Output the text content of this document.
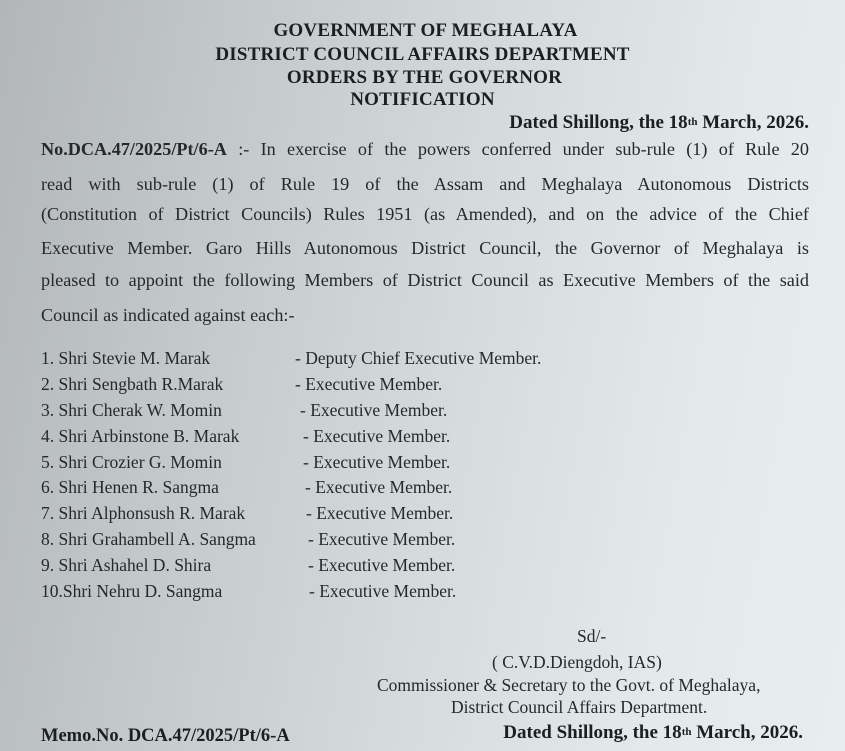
GOVERNMENT OF MEGHALAYA
DISTRICT COUNCIL AFFAIRS DEPARTMENT
ORDERS BY THE GOVERNOR
NOTIFICATION
Dated Shillong, the 18th March, 2026.
No.DCA.47/2025/Pt/6-A :- In exercise of the powers conferred under sub-rule (1) of Rule 20
read with sub-rule (1) of Rule 19 of the Assam and Meghalaya Autonomous Districts
(Constitution of District Councils) Rules 1951 (as Amended), and on the advice of the Chief
Executive Member. Garo Hills Autonomous District Council, the Governor of Meghalaya is
pleased to appoint the following Members of District Council as Executive Members of the said
Council as indicated against each:-
1. Shri Stevie M. Marak	- Deputy Chief Executive Member.
2. Shri Sengbath R.Marak	- Executive Member.
3. Shri Cherak W. Momin	- Executive Member.
4. Shri Arbinstone B. Marak	- Executive Member.
5. Shri Crozier G. Momin	- Executive Member.
6. Shri Henen R. Sangma	- Executive Member.
7. Shri Alphonsush R. Marak	- Executive Member.
8. Shri Grahambell A. Sangma	- Executive Member.
9. Shri Ashahel D. Shira	- Executive Member.
10.Shri Nehru D. Sangma	- Executive Member.
Sd/-
( C.V.D.Diengdoh, IAS)
Commissioner & Secretary to the Govt. of Meghalaya,
District Council Affairs Department.
Memo.No. DCA.47/2025/Pt/6-A	Dated Shillong, the 18th March, 2026.
